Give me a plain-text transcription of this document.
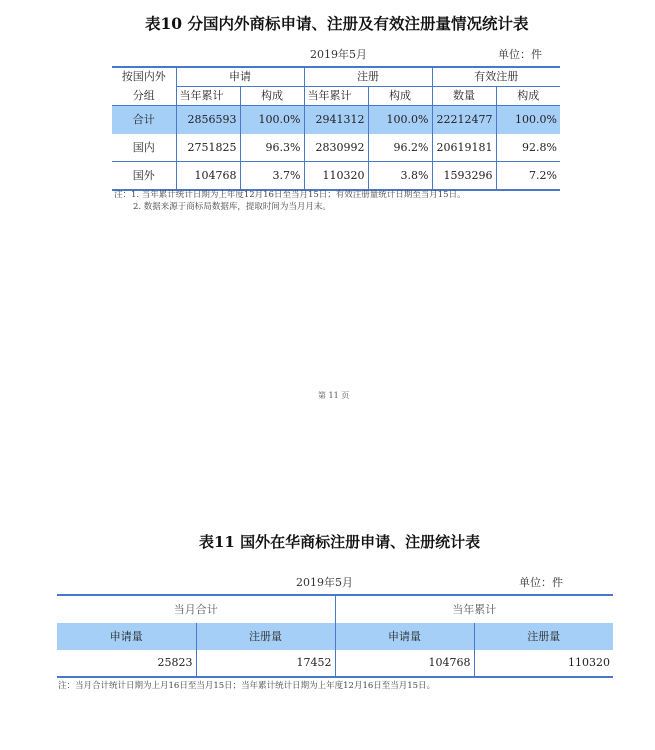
表10 分国内外商标申请、注册及有效注册量情况统计表
2019年5月	单位：件
按国内外	申请		注册		有效注册	
分组	当年累计	构成	当年累计	构成	数量	构成
合计	2856593	100.0%	2941312	100.0%	22212477	100.0%
国内	2751825	96.3%	2830992	96.2%	20619181	92.8%
国外	104768	3.7%	110320	3.8%	1593296	7.2%
注：1. 当年累计统计日期为上年度12月16日至当月15日；有效注册量统计日期至当月15日。
2. 数据来源于商标局数据库，提取时间为当月月末。
第 11 页
表11 国外在华商标注册申请、注册统计表
2019年5月	单位：件
当月合计		当年累计	
申请量	注册量	申请量	注册量
25823	17452	104768	110320
注：当月合计统计日期为上月16日至当月15日；当年累计统计日期为上年度12月16日至当月15日。
